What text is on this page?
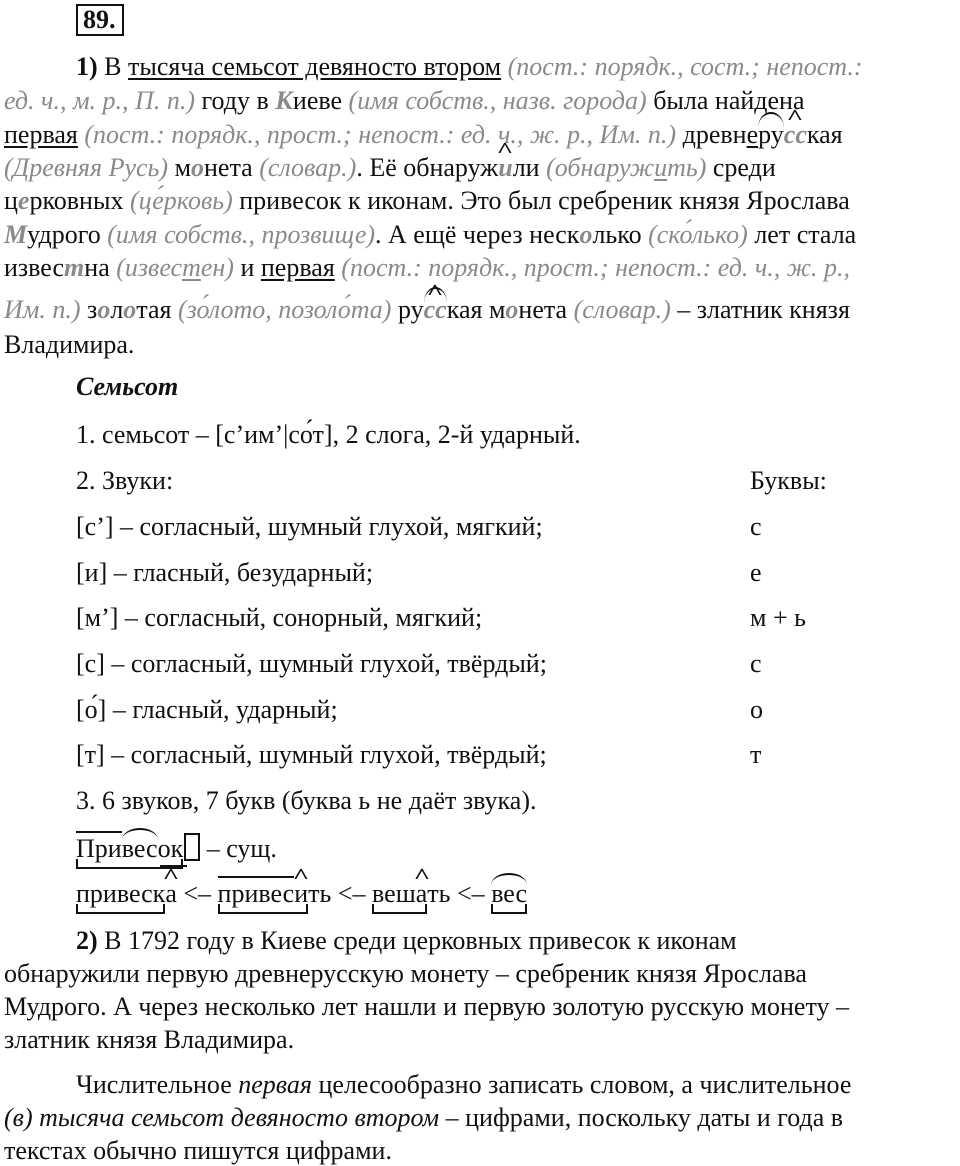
89.
1) В тысяча семьсот девяносто втором (пост.: порядк., сост.; непост.:
ед. ч., м. р., П. п.) году в Киеве (имя собств., назв. города) была найдена
первая (пост.: порядк., прост.; непост.: ед. ч., ж. р., Им. п.) древнеру^ сская
(Древняя Русь) монета (словар.). Её обнаруж^ или (обнаружить) среди
церковных (це́рковь) привесок к иконам. Это был сребреник князя Ярослава
Мудрого (имя собств., прозвище). А ещё через несколько (ско́лько) лет стала
известна (известен) и первая (пост.: порядк., прост.; непост.: ед. ч., ж. р.,
Им. п.) золотая (зо́лото, позоло́та) ру^ сская монета (словар.) – златник князя
Владимира.
Семьсот
1. семьсот – [с’им’|со́т], 2 слога, 2-й ударный.
2. Звуки:	Буквы:
[с’] – согласный, шумный глухой, мягкий;	с
[и] – гласный, безударный;	е
[м’] – согласный, сонорный, мягкий;	м + ь
[с] – согласный, шумный глухой, твёрдый;	с
[о́] – гласный, ударный;	о
[т] – согласный, шумный глухой, твёрдый;	т
3. 6 звуков, 7 букв (буква ь не даёт звука).
Привесок – сущ.
привеск^ а <– привес^ ить <– веш^ ать <– вес
2) В 1792 году в Киеве среди церковных привесок к иконам
обнаружили первую древнерусскую монету – сребреник князя Ярослава
Мудрого. А через несколько лет нашли и первую золотую русскую монету –
златник князя Владимира.
Числительное первая целесообразно записать словом, а числительное
(в) тысяча семьсот девяносто втором – цифрами, поскольку даты и года в
текстах обычно пишутся цифрами.
